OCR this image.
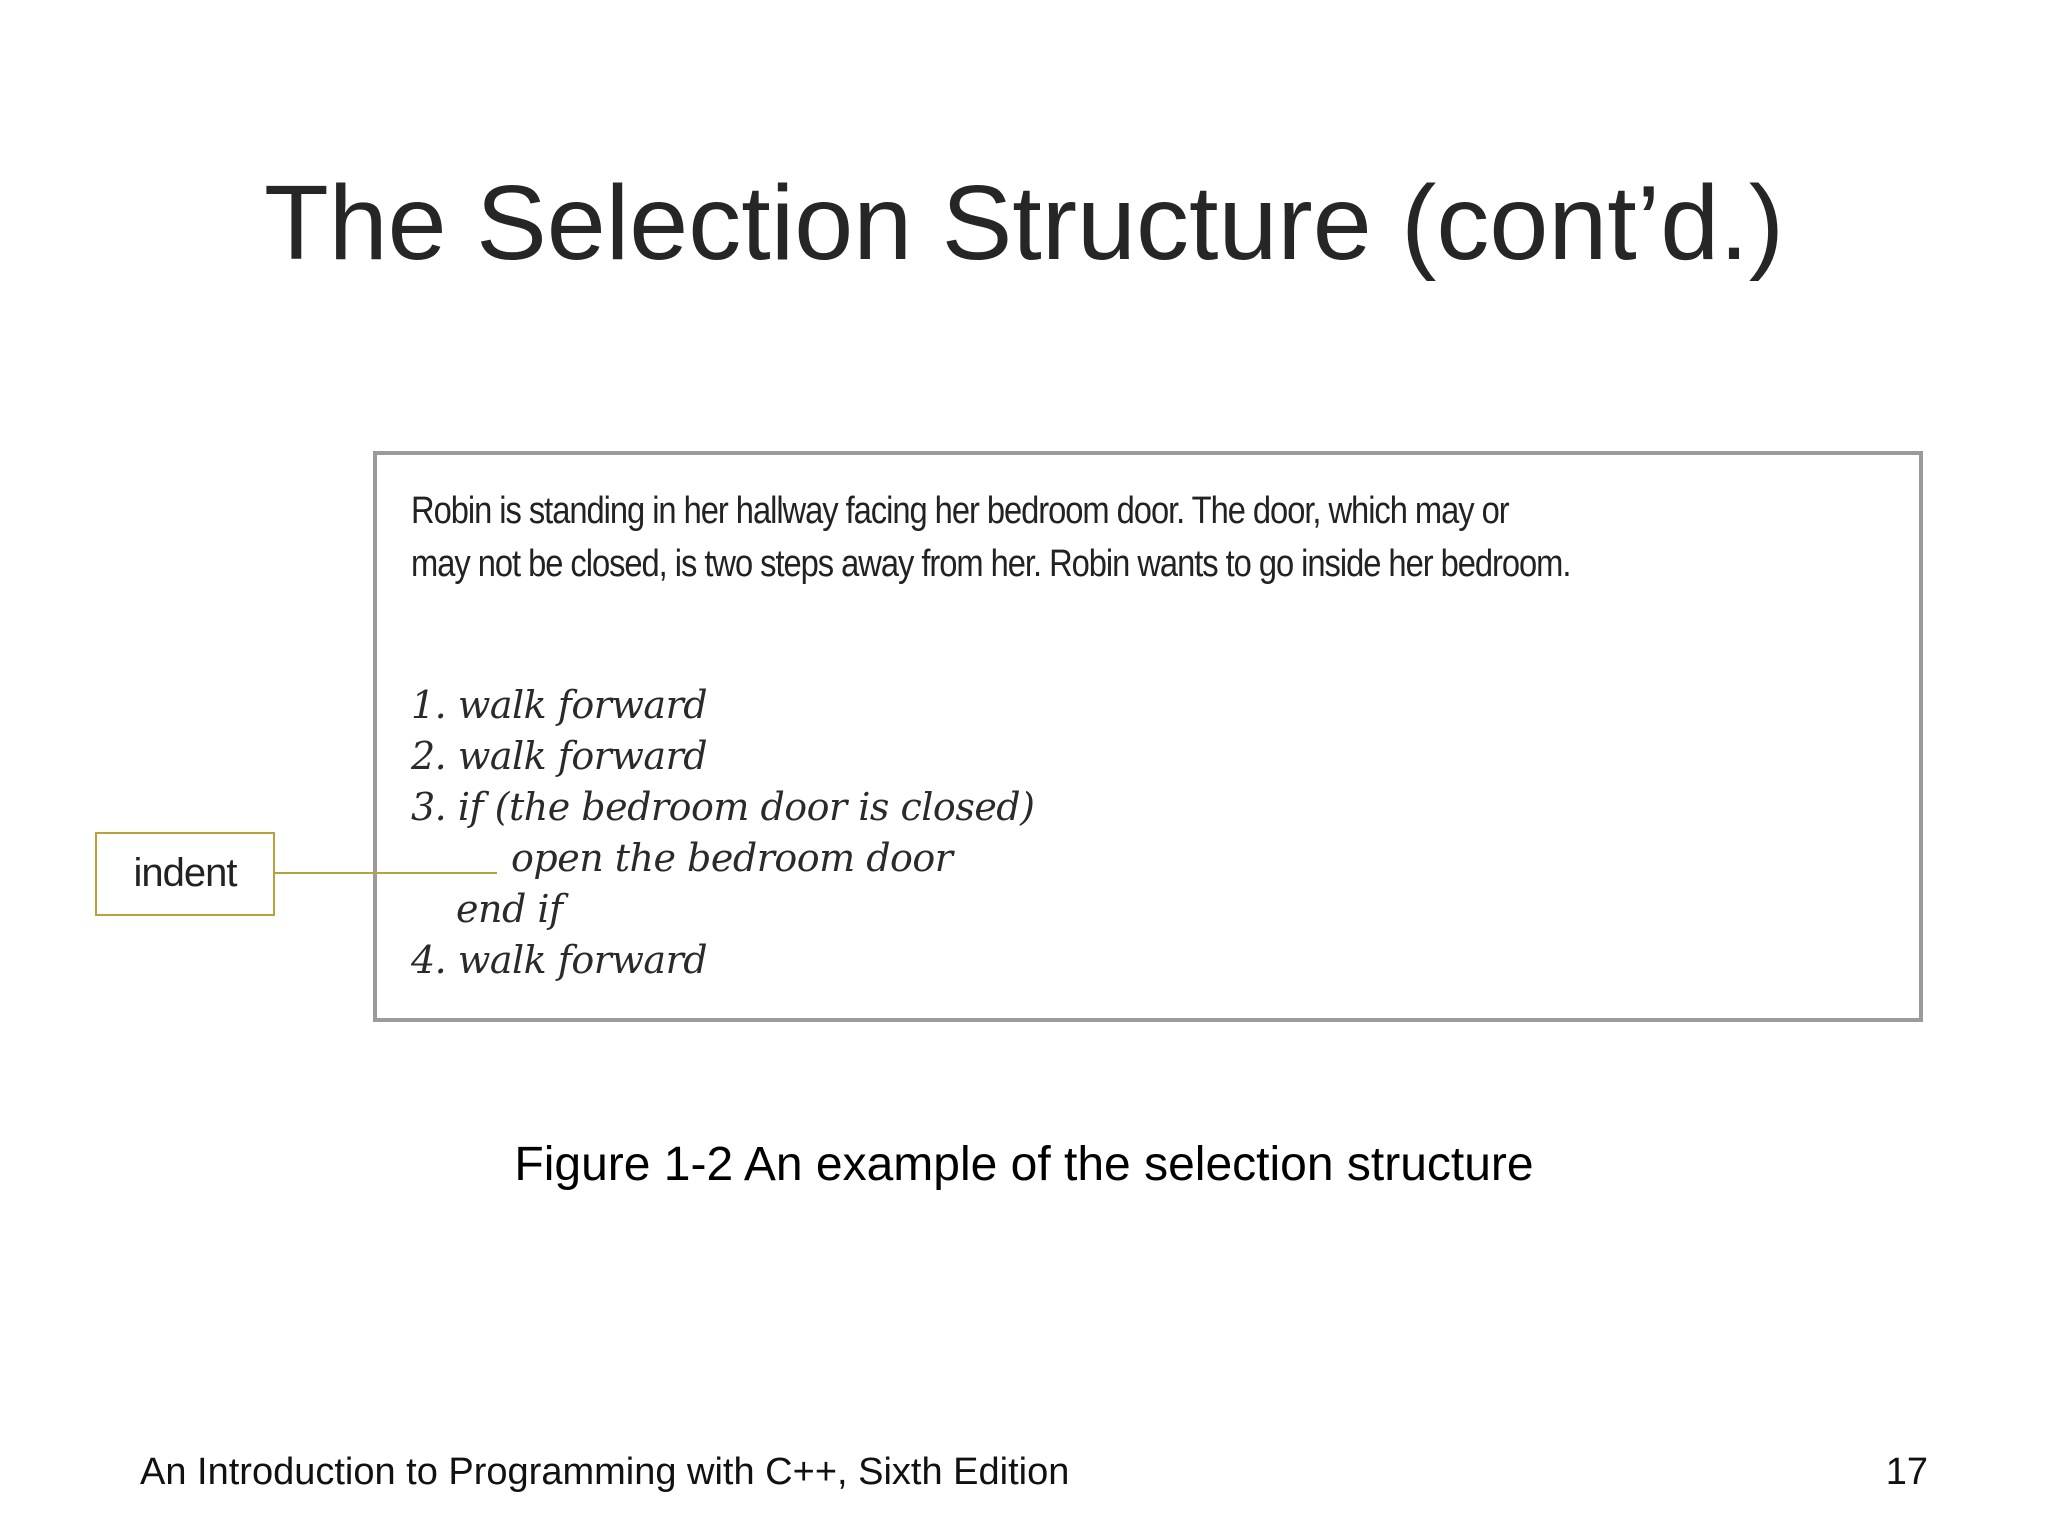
The Selection Structure (cont’d.)
Robin is standing in her hallway facing her bedroom door. The door, which may or
may not be closed, is two steps away from her. Robin wants to go inside her bedroom.
1. walk forward
2. walk forward
3. if (the bedroom door is closed)
open the bedroom door
end if
4. walk forward
indent
Figure 1-2 An example of the selection structure
An Introduction to Programming with C++, Sixth Edition	17
